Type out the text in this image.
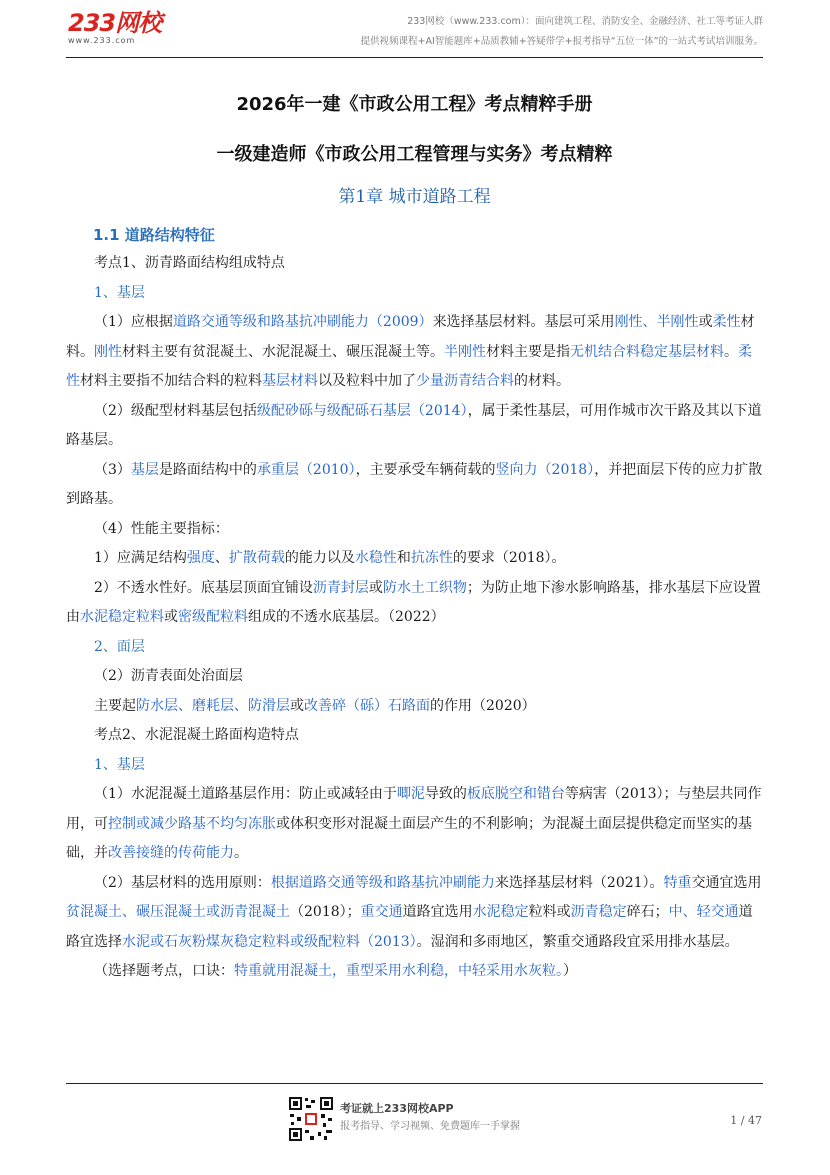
233网校
www.233.com
233网校（www.233.com）：面向建筑工程、消防安全、金融经济、社工等考证人群
提供视频课程+AI智能题库+品质教辅+答疑带学+报考指导“五位一体”的一站式考试培训服务。
2026年一建《市政公用工程》考点精粹手册
一级建造师《市政公用工程管理与实务》考点精粹
第1章 城市道路工程
1.1 道路结构特征

考点1、沥青路面结构组成特点

1、基层

（1）应根据道路交通等级和路基抗冲刷能力（2009）来选择基层材料。基层可采用刚性、半刚性或柔性材料。刚性材料主要有贫混凝土、水泥混凝土、碾压混凝土等。半刚性材料主要是指无机结合料稳定基层材料。柔性材料主要指不加结合料的粒料基层材料以及粒料中加了少量沥青结合料的材料。

（2）级配型材料基层包括级配砂砾与级配砾石基层（2014），属于柔性基层，可用作城市次干路及其以下道路基层。

（3）基层是路面结构中的承重层（2010），主要承受车辆荷载的竖向力（2018），并把面层下传的应力扩散到路基。

（4）性能主要指标：

1）应满足结构强度、扩散荷载的能力以及水稳性和抗冻性的要求（2018）。

2）不透水性好。底基层顶面宜铺设沥青封层或防水土工织物；为防止地下渗水影响路基，排水基层下应设置由水泥稳定粒料或密级配粒料组成的不透水底基层。（2022）

2、面层

（2）沥青表面处治面层

主要起防水层、磨耗层、防滑层或改善碎（砾）石路面的作用（2020）

考点2、水泥混凝土路面构造特点

1、基层

（1）水泥混凝土道路基层作用：防止或减轻由于唧泥导致的板底脱空和错台等病害（2013）；与垫层共同作用，可控制或减少路基不均匀冻胀或体积变形对混凝土面层产生的不利影响；为混凝土面层提供稳定而坚实的基础，并改善接缝的传荷能力。

（2）基层材料的选用原则：根据道路交通等级和路基抗冲刷能力来选择基层材料（2021）。特重交通宜选用贫混凝土、碾压混凝土或沥青混凝土（2018）；重交通道路宜选用水泥稳定粒料或沥青稳定碎石；中、轻交通道路宜选择水泥或石灰粉煤灰稳定粒料或级配粒料（2013）。湿润和多雨地区，繁重交通路段宜采用排水基层。

（选择题考点，口诀：特重就用混凝土，重型采用水利稳，中轻采用水灰粒。）

考证就上233网校APP
报考指导、学习视频、免费题库一手掌握	1 / 47
